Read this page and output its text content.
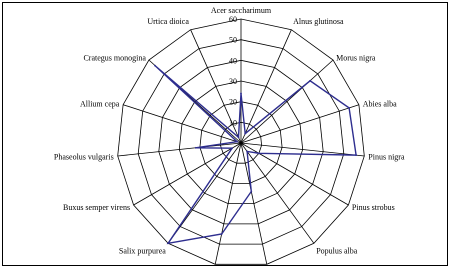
10
20
30
40
50
60
Acer saccharimum
Alnus glutinosa
Morus nigra
Abies alba
Pinus nigra
Pinus strobus
Populus alba
Salix purpurea
Buxus semper virens
Phaseolus vulgaris
Allium cepa
Crategus monogina
Urtica dioica
